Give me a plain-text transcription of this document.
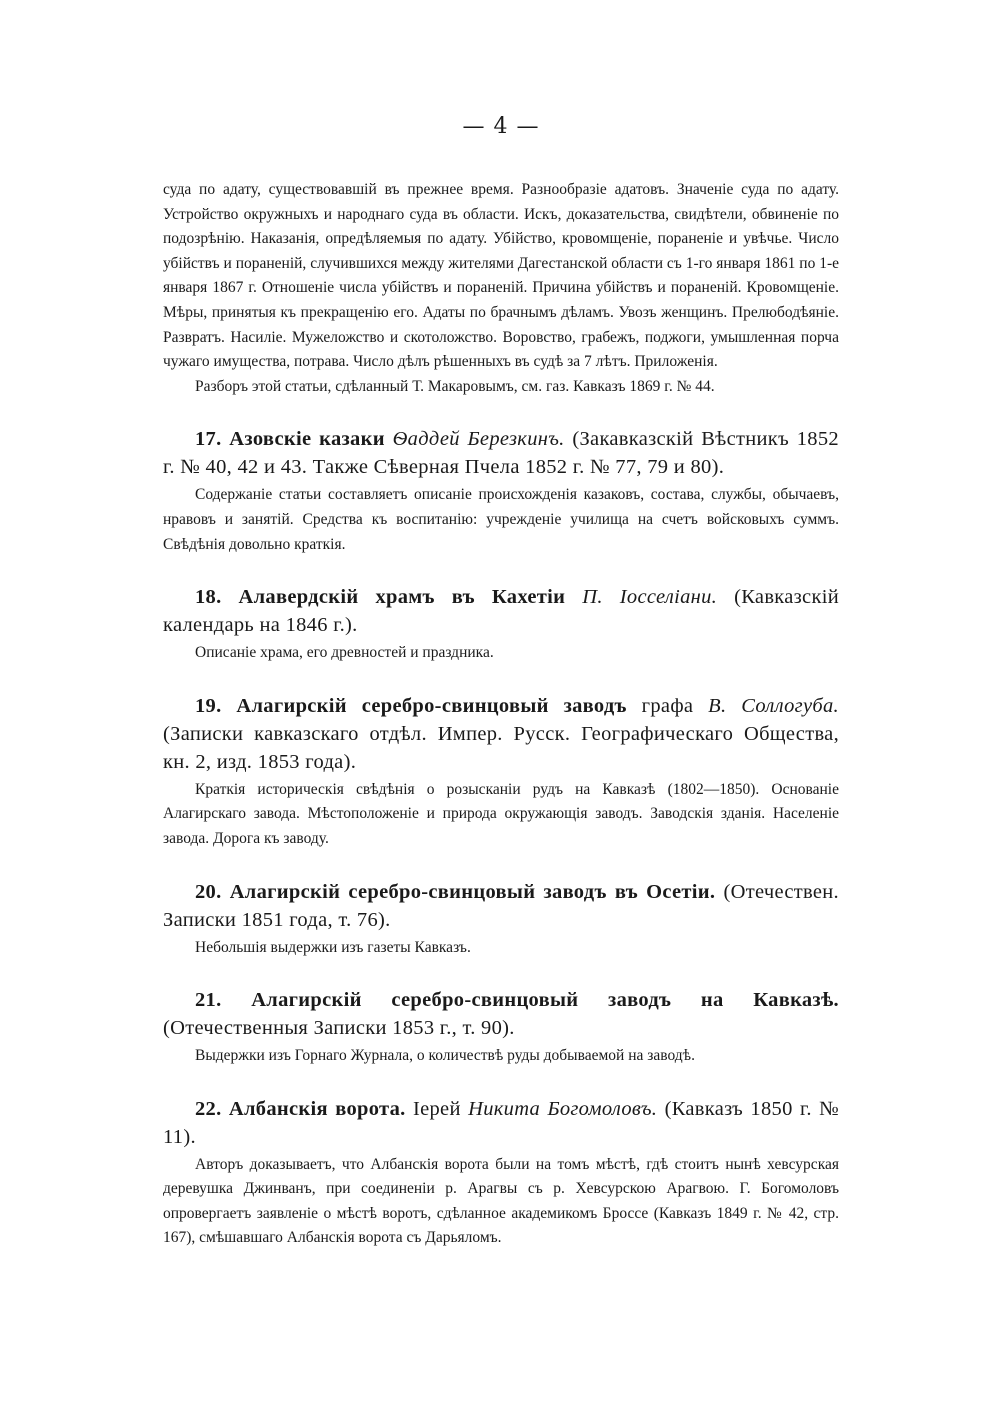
— 4 —

суда по адату, существовавшій въ прежнее время. Разнообразіе адатовъ. Значеніе суда по адату. Устройство окружныхъ и народнаго суда въ области. Искъ, доказательства, свидѣтели, обвиненіе по подозрѣнію. Наказанія, опредѣляемыя по адату. Убійство, кровомщеніе, пораненіе и увѣчье. Число убійствъ и пораненій, случившихся между жителями Дагестанской области съ 1-го января 1861 по 1-е января 1867 г. Отношеніе числа убійствъ и пораненій. Причина убійствъ и пораненій. Кровомщеніе. Мѣры, принятыя къ прекращенію его. Адаты по брачнымъ дѣламъ. Увозъ женщинъ. Прелюбодѣяніе. Развратъ. Насиліе. Мужеложство и скотоложство. Воровство, грабежъ, поджоги, умышленная порча чужаго имущества, потрава. Число дѣлъ рѣшенныхъ въ судѣ за 7 лѣтъ. Приложенія.

Разборъ этой статьи, сдѣланный Т. Макаровымъ, см. газ. Кавказъ 1869 г. № 44.

17. Азовскіе казаки Ѳаддей Березкинъ. (Закавказскій Вѣстникъ 1852 г. № 40, 42 и 43. Также Сѣверная Пчела 1852 г. № 77, 79 и 80).

Содержаніе статьи составляетъ описаніе происхожденія казаковъ, состава, службы, обычаевъ, нравовъ и занятій. Средства къ воспитанію: учрежденіе училища на счетъ войсковыхъ суммъ. Свѣдѣнія довольно краткія.

18. Алавердскій храмъ въ Кахетіи П. Іосселіани. (Кавказскій календарь на 1846 г.).

Описаніе храма, его древностей и праздника.

19. Алагирскій серебро-свинцовый заводъ графа В. Соллогуба. (Записки кавказскаго отдѣл. Импер. Русск. Географическаго Общества, кн. 2, изд. 1853 года).

Краткія историческія свѣдѣнія о розысканіи рудъ на Кавказѣ (1802—1850). Основаніе Алагирскаго завода. Мѣстоположеніе и природа окружающія заводъ. Заводскія зданія. Населеніе завода. Дорога къ заводу.

20. Алагирскій серебро-свинцовый заводъ въ Осетіи. (Отечествен. Записки 1851 года, т. 76).

Небольшія выдержки изъ газеты Кавказъ.

21. Алагирскій серебро-свинцовый заводъ на Кавказѣ. (Отечественныя Записки 1853 г., т. 90).

Выдержки изъ Горнаго Журнала, о количествѣ руды добываемой на заводѣ.

22. Албанскія ворота. Іерей Никита Богомоловъ. (Кавказъ 1850 г. № 11).

Авторъ доказываетъ, что Албанскія ворота были на томъ мѣстѣ, гдѣ стоитъ нынѣ хевсурская деревушка Джинванъ, при соединеніи р. Арагвы съ р. Хевсурскою Арагвою. Г. Богомоловъ опровергаетъ заявленіе о мѣстѣ воротъ, сдѣланное академикомъ Броссе (Кавказъ 1849 г. № 42, стр. 167), смѣшавшаго Албанскія ворота съ Дарьяломъ.
